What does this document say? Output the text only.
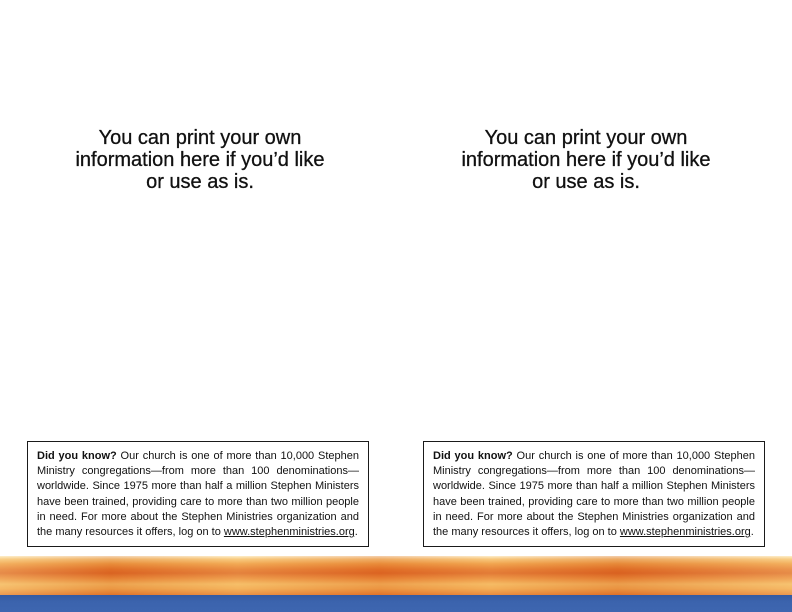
You can print your own
information here if you’d like
or use as is.

Did you know? Our church is one of more than 10,000 Stephen Ministry congregations—from more than 100 denominations—worldwide. Since 1975 more than half a million Stephen Ministers have been trained, providing care to more than two million people in need. For more about the Stephen Ministries organization and the many resources it offers, log on to www.stephenministries.org.

You can print your own
information here if you’d like
or use as is.

Did you know? Our church is one of more than 10,000 Stephen Ministry congregations—from more than 100 denominations—worldwide. Since 1975 more than half a million Stephen Ministers have been trained, providing care to more than two million people in need. For more about the Stephen Ministries organization and the many resources it offers, log on to www.stephenministries.org.
